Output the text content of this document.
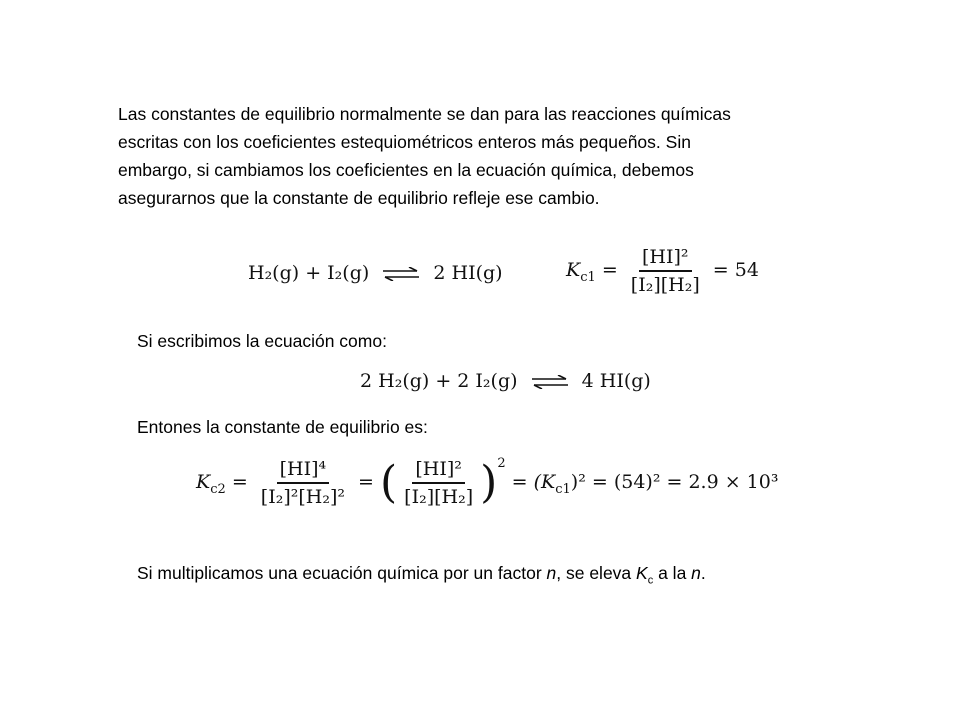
Las constantes de equilibrio normalmente se dan para las reacciones químicas
escritas con los coeficientes estequiométricos enteros más pequeños. Sin
embargo, si cambiamos los coeficientes en la ecuación química, debemos
asegurarnos que la constante de equilibrio refleje ese cambio.

H₂(g) + I₂(g) ⇌ 2 HI(g)	$K_{c1} = \frac{\text{[HI]²}}{\text{[I₂][H₂]}} = 54$
Si escribimos la ecuación como:
2 H₂(g) + 2 I₂(g) ⇌ 4 HI(g)
Entones la constante de equilibrio es:
$K_{c2} = \frac{\text{[HI]⁴}}{\text{[I₂]²[H₂]²}}$ = ( $\frac{\text{[HI]²}}{\text{[I₂][H₂]}} )^2 = (K_{c1})^2 = (54)^2 = 2.9 \times 10^3$
Si multiplicamos una ecuación química por un factor n, se eleva $K_c$ a la n.
